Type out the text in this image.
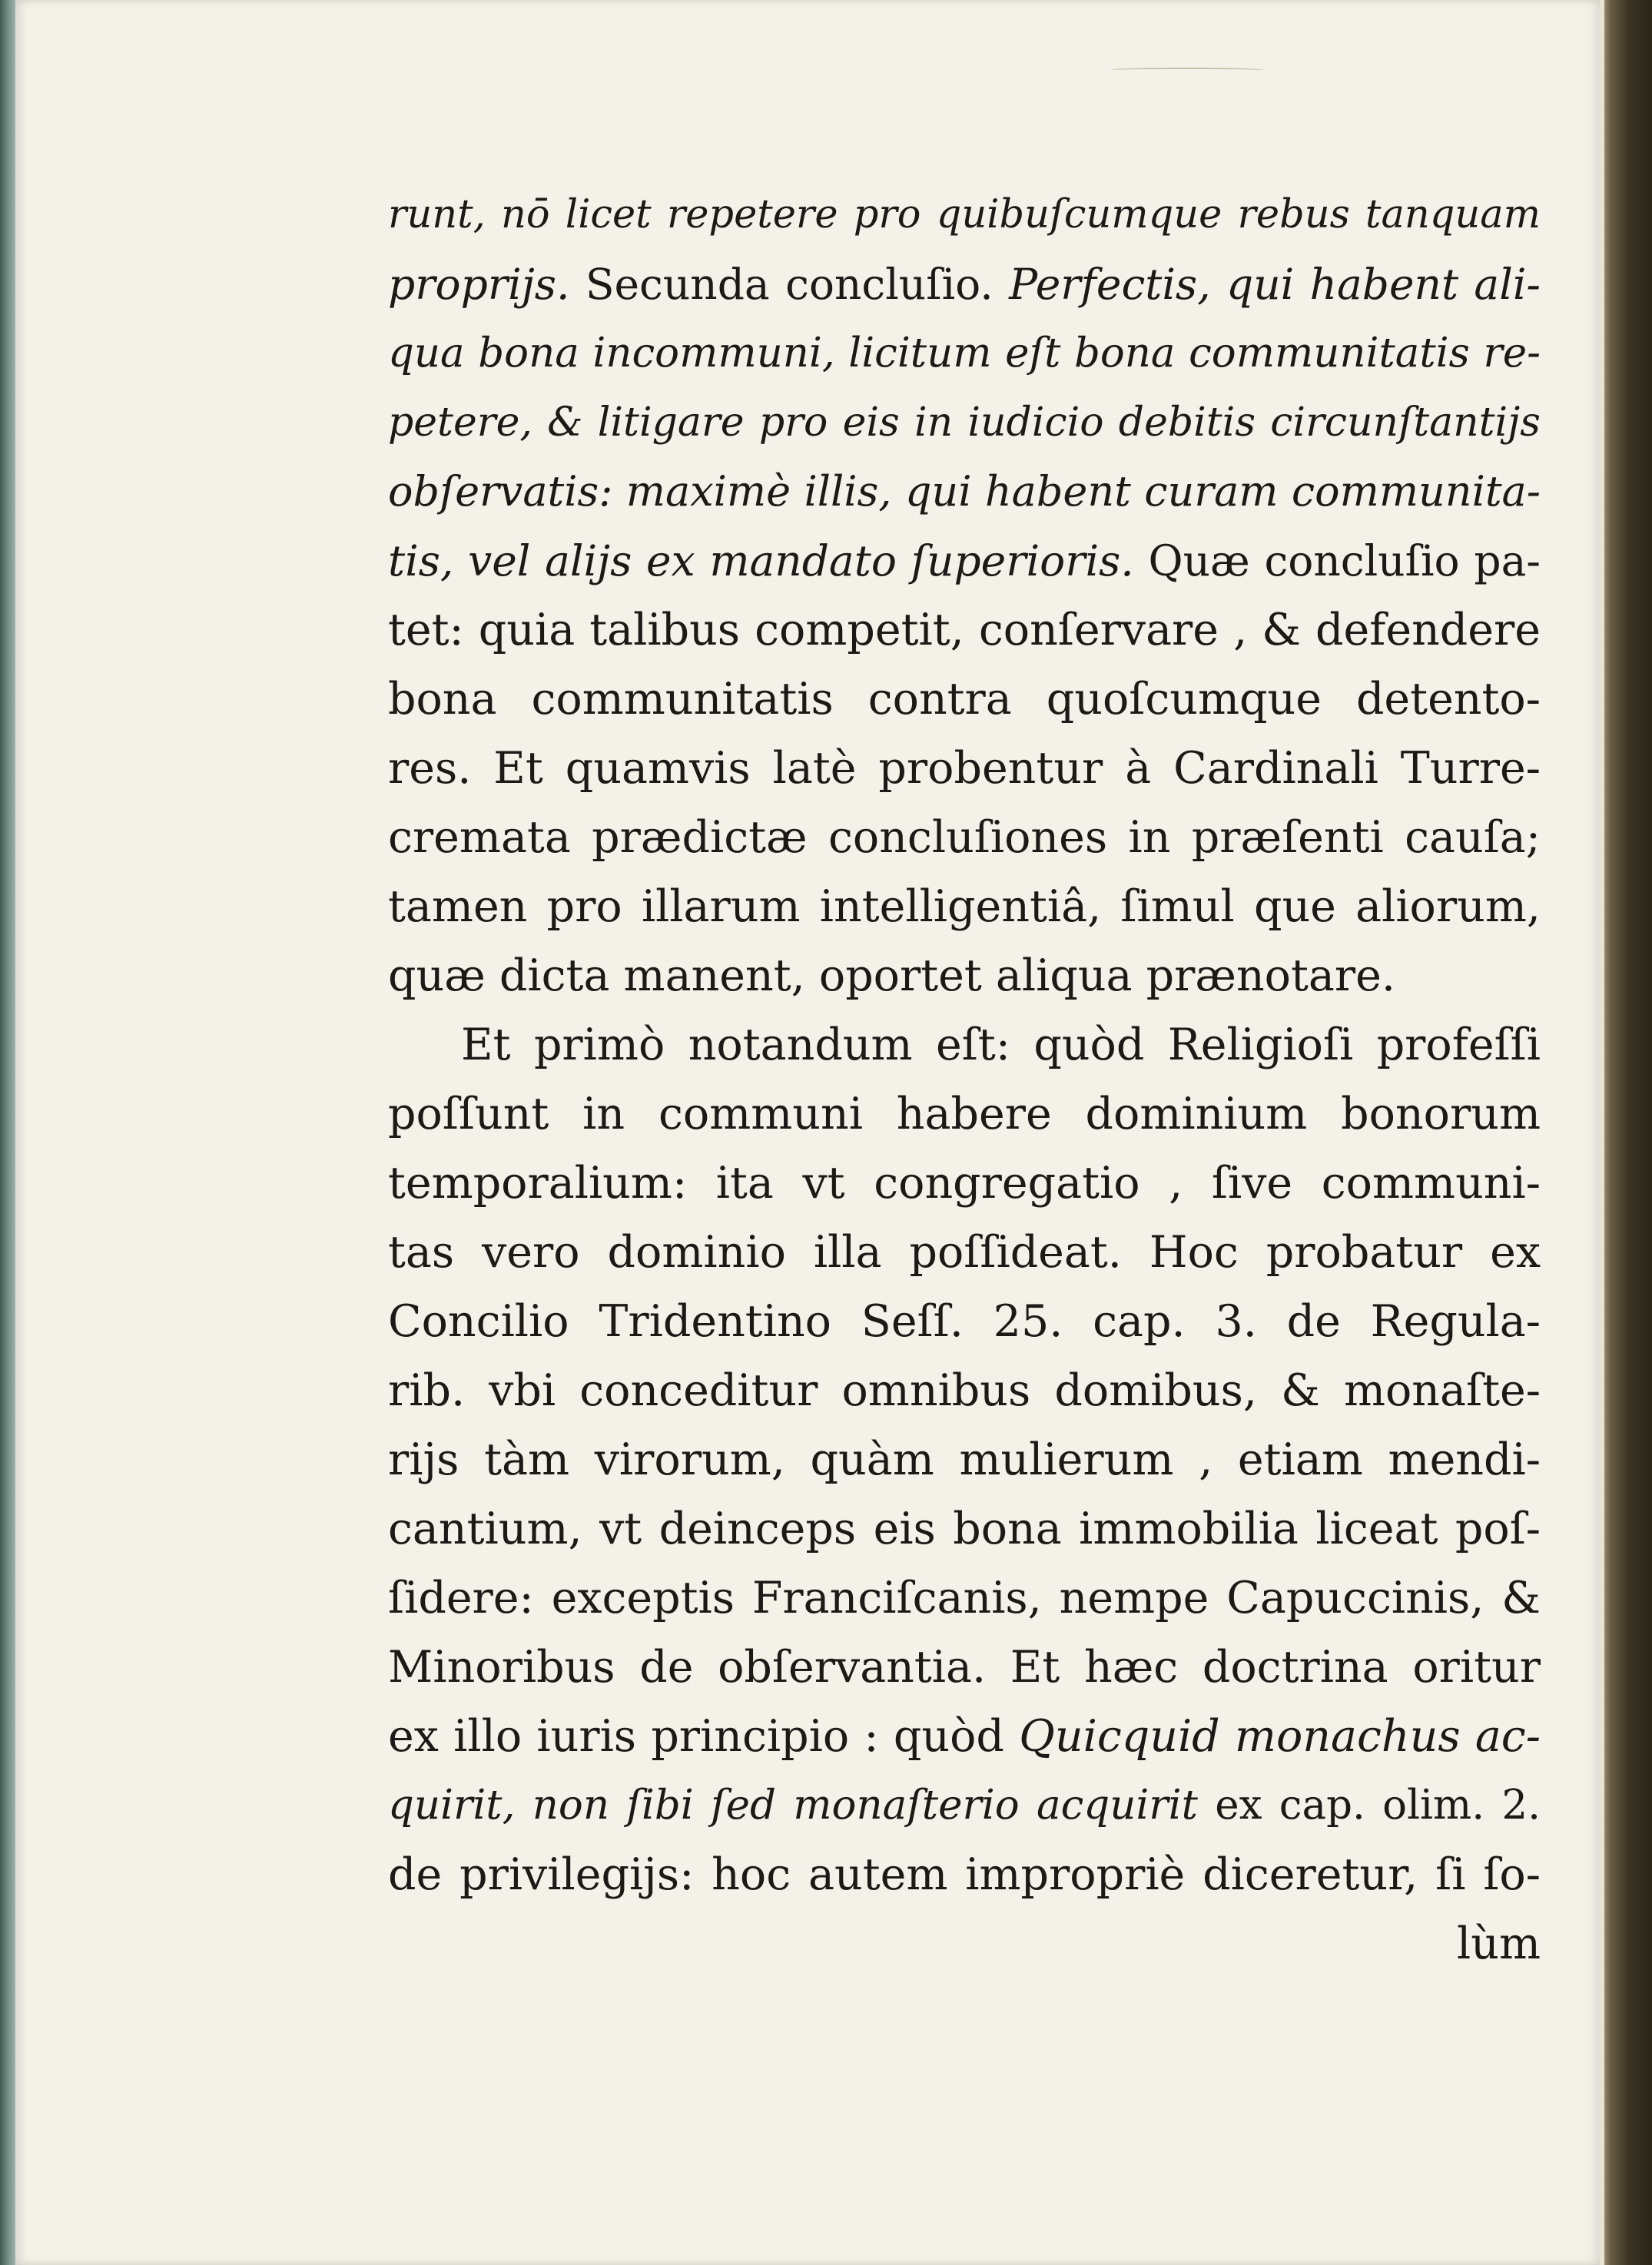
runt, nō licet repetere pro quibuſcumque rebus tanquam
proprijs. Secunda concluſio. Perfectis, qui habent ali-
qua bona incommuni, licitum eſt bona communitatis re-
petere, & litigare pro eis in iudicio debitis circunſtantijs
obſervatis: maximè illis, qui habent curam communita-
tis, vel alijs ex mandato ſuperioris. Quæ concluſio pa-
tet: quia talibus competit, conſervare , & defendere
bona communitatis contra quoſcumque detento-
res. Et quamvis latè probentur à Cardinali Turre-
cremata prædictæ concluſiones in præſenti cauſa;
tamen pro illarum intelligentiâ, ſimul que aliorum,
quæ dicta manent, oportet aliqua prænotare.
Et primò notandum eſt: quòd Religioſi profeſſi
poſſunt in communi habere dominium bonorum
temporalium: ita vt congregatio , ſive communi-
tas vero dominio illa poſſideat. Hoc probatur ex
Concilio Tridentino Seſſ. 25. cap. 3. de Regula-
rib. vbi conceditur omnibus domibus, & monaſte-
rijs tàm virorum, quàm mulierum , etiam mendi-
cantium, vt deinceps eis bona immobilia liceat poſ-
ſidere: exceptis Franciſcanis, nempe Capuccinis, &
Minoribus de obſervantia. Et hæc doctrina oritur
ex illo iuris principio : quòd Quicquid monachus ac-
quirit, non ſibi ſed monaſterio acquirit ex cap. olim. 2.
de privilegijs: hoc autem impropriè diceretur, ſi ſo-
lùm
